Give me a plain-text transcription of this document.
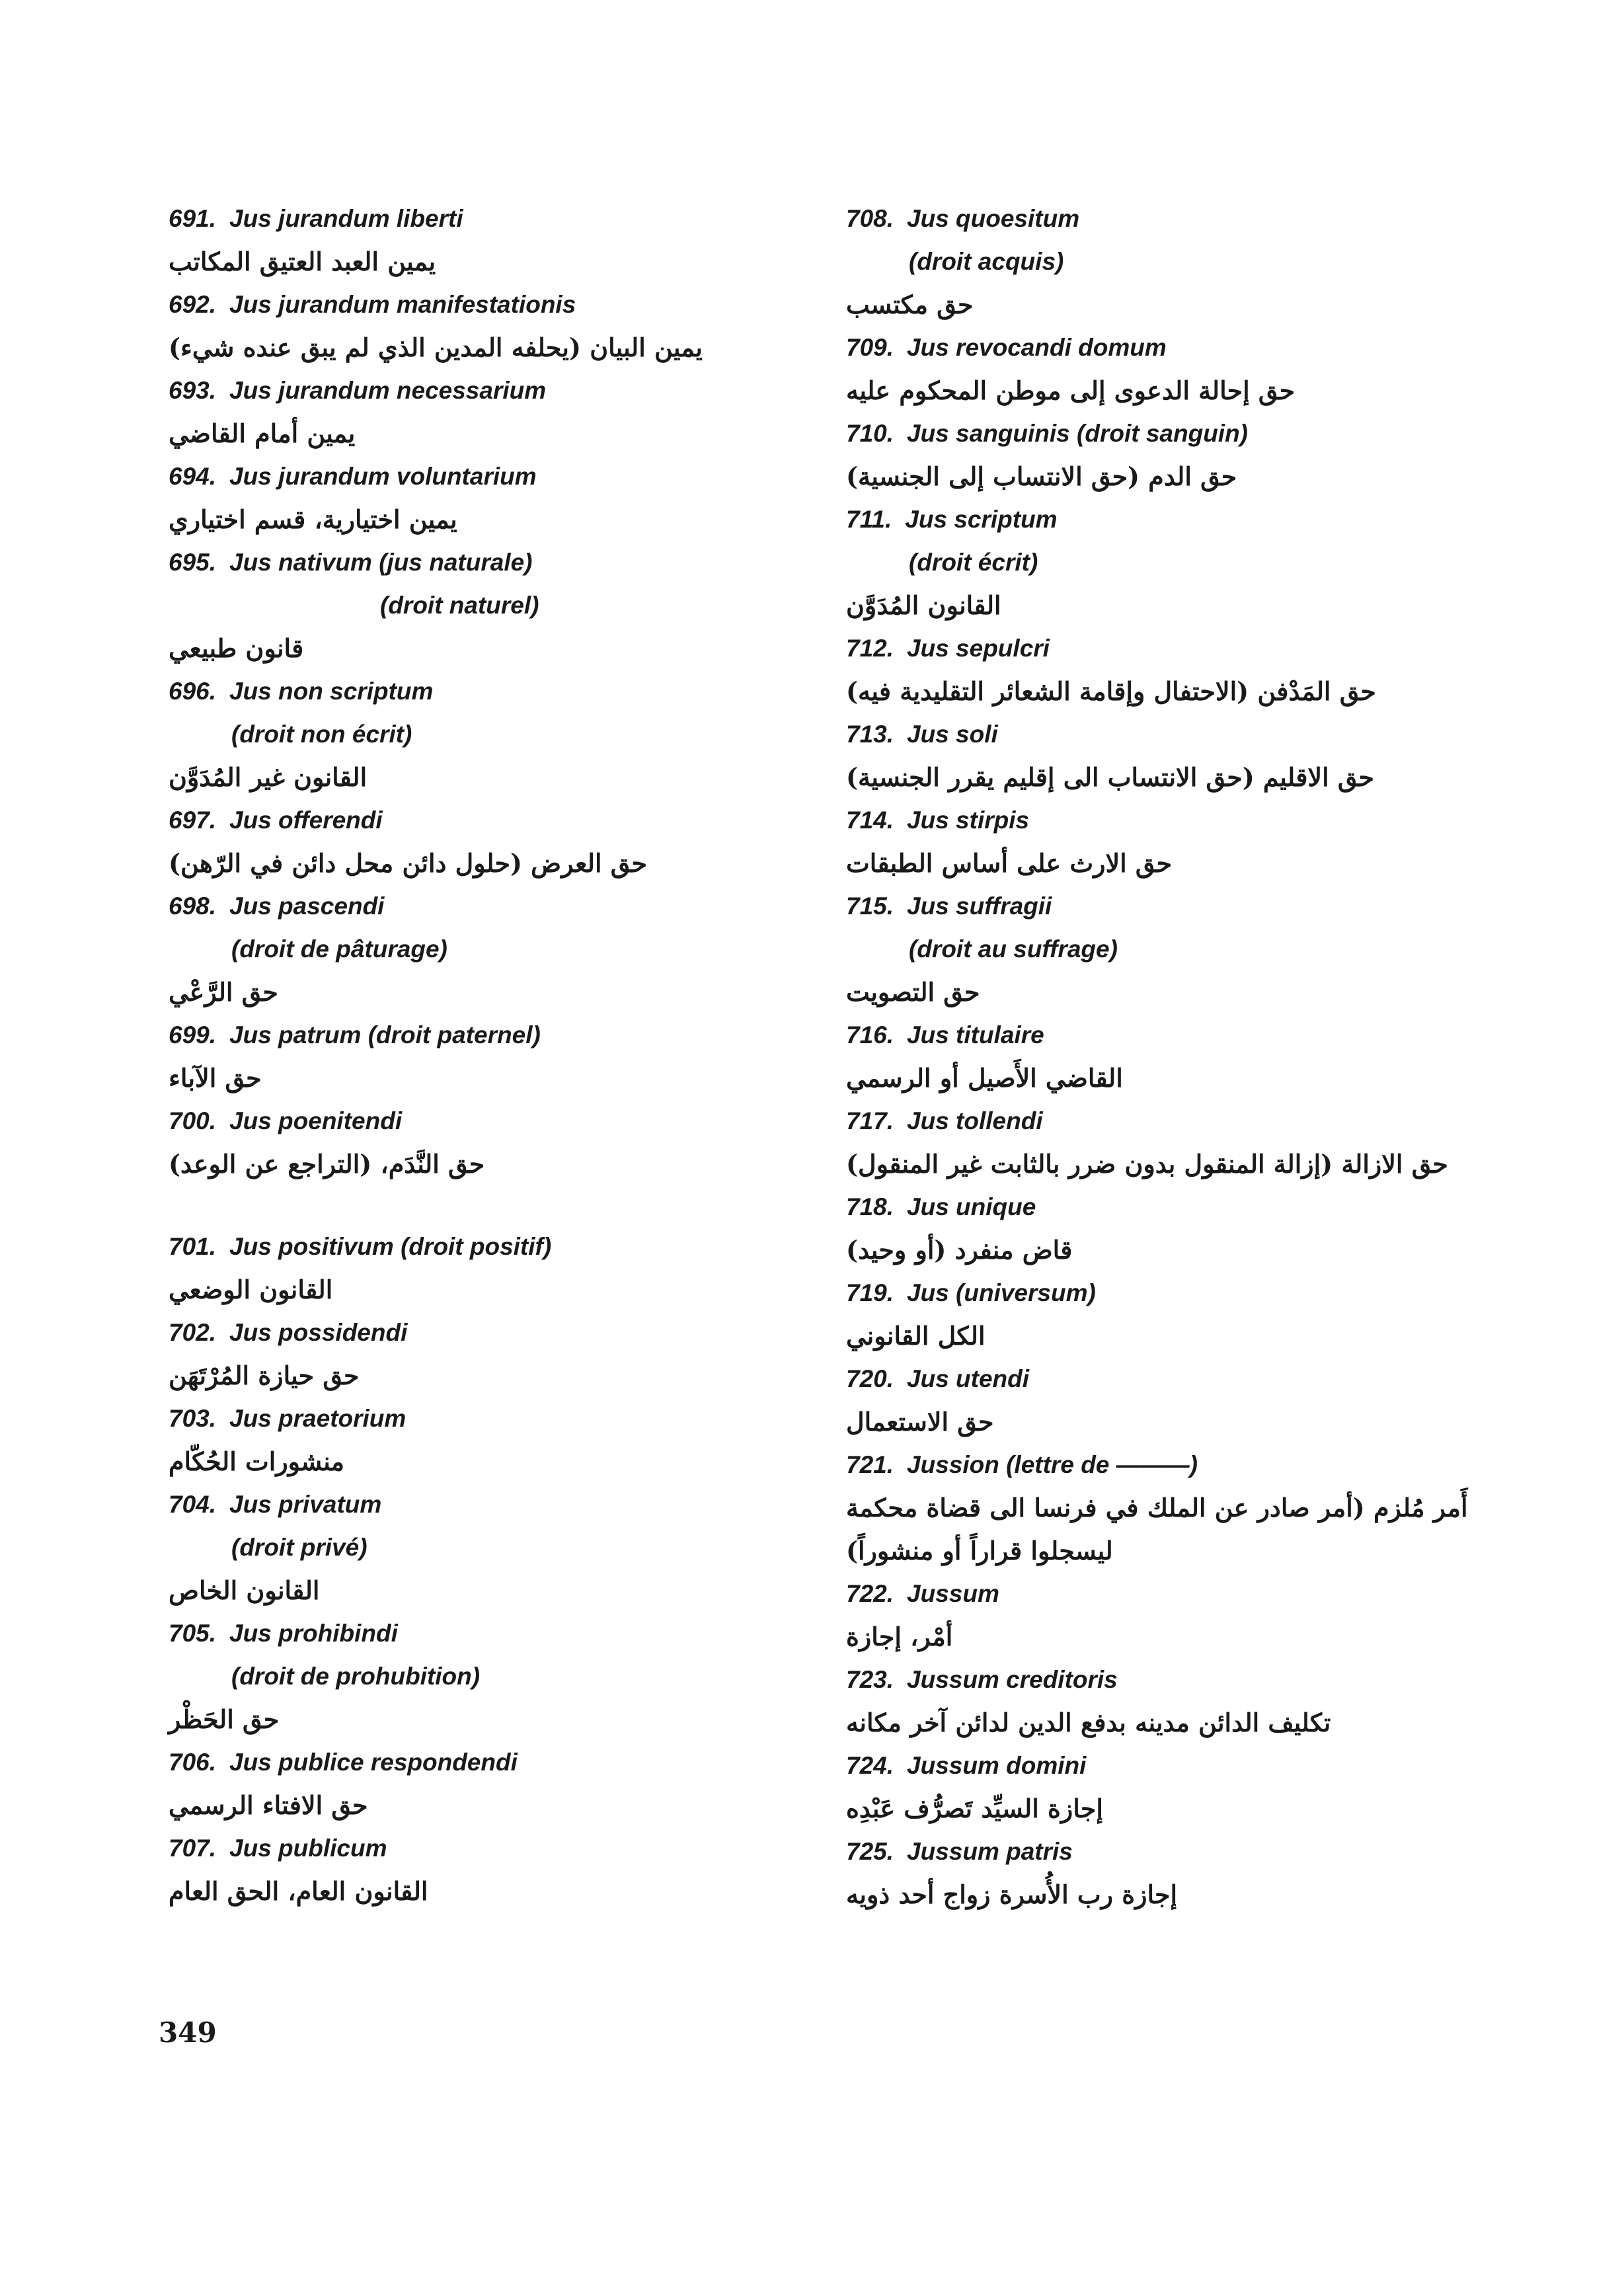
691. Jus jurandum liberti
يمين العبد العتيق المكاتب
692. Jus jurandum manifestationis
يمين البيان (يحلفه المدين الذي لم يبق عنده شيء)
693. Jus jurandum necessarium
يمين أمام القاضي
694. Jus jurandum voluntarium
يمين اختيارية، قسم اختياري
695. Jus nativum (jus naturale)
(droit naturel)
قانون طبيعي
696. Jus non scriptum
(droit non écrit)
القانون غير المُدَوَّن
697. Jus offerendi
حق العرض (حلول دائن محل دائن في الرّهن)
698. Jus pascendi
(droit de pâturage)
حق الرَّعْي
699. Jus patrum (droit paternel)
حق الآباء
700. Jus poenitendi
حق النَّدَم، (التراجع عن الوعد)
701. Jus positivum (droit positif)
القانون الوضعي
702. Jus possidendi
حق حيازة المُرْتَهَن
703. Jus praetorium
منشورات الحُكّام
704. Jus privatum
(droit privé)
القانون الخاص
705. Jus prohibindi
(droit de prohubition)
حق الحَظْر
706. Jus publice respondendi
حق الافتاء الرسمي
707. Jus publicum
القانون العام، الحق العام
708. Jus quoesitum
(droit acquis)
حق مكتسب
709. Jus revocandi domum
حق إحالة الدعوى إلى موطن المحكوم عليه
710. Jus sanguinis (droit sanguin)
حق الدم (حق الانتساب إلى الجنسية)
711. Jus scriptum
(droit écrit)
القانون المُدَوَّن
712. Jus sepulcri
حق المَدْفن (الاحتفال وإقامة الشعائر التقليدية فيه)
713. Jus soli
حق الاقليم (حق الانتساب الى إقليم يقرر الجنسية)
714. Jus stirpis
حق الارث على أساس الطبقات
715. Jus suffragii
(droit au suffrage)
حق التصويت
716. Jus titulaire
القاضي الأَصيل أو الرسمي
717. Jus tollendi
حق الازالة (إزالة المنقول بدون ضرر بالثابت غير المنقول)
718. Jus unique
قاض منفرد (أو وحيد)
719. Jus (universum)
الكل القانوني
720. Jus utendi
حق الاستعمال
721. Jussion (lettre de ———)
أَمر مُلزم (أمر صادر عن الملك في فرنسا الى قضاة محكمة
ليسجلوا قراراً أو منشوراً)
722. Jussum
أمْر، إجازة
723. Jussum creditoris
تكليف الدائن مدينه بدفع الدين لدائن آخر مكانه
724. Jussum domini
إجازة السيِّد تَصرُّف عَبْدِه
725. Jussum patris
إجازة رب الأُسرة زواج أحد ذويه
349
